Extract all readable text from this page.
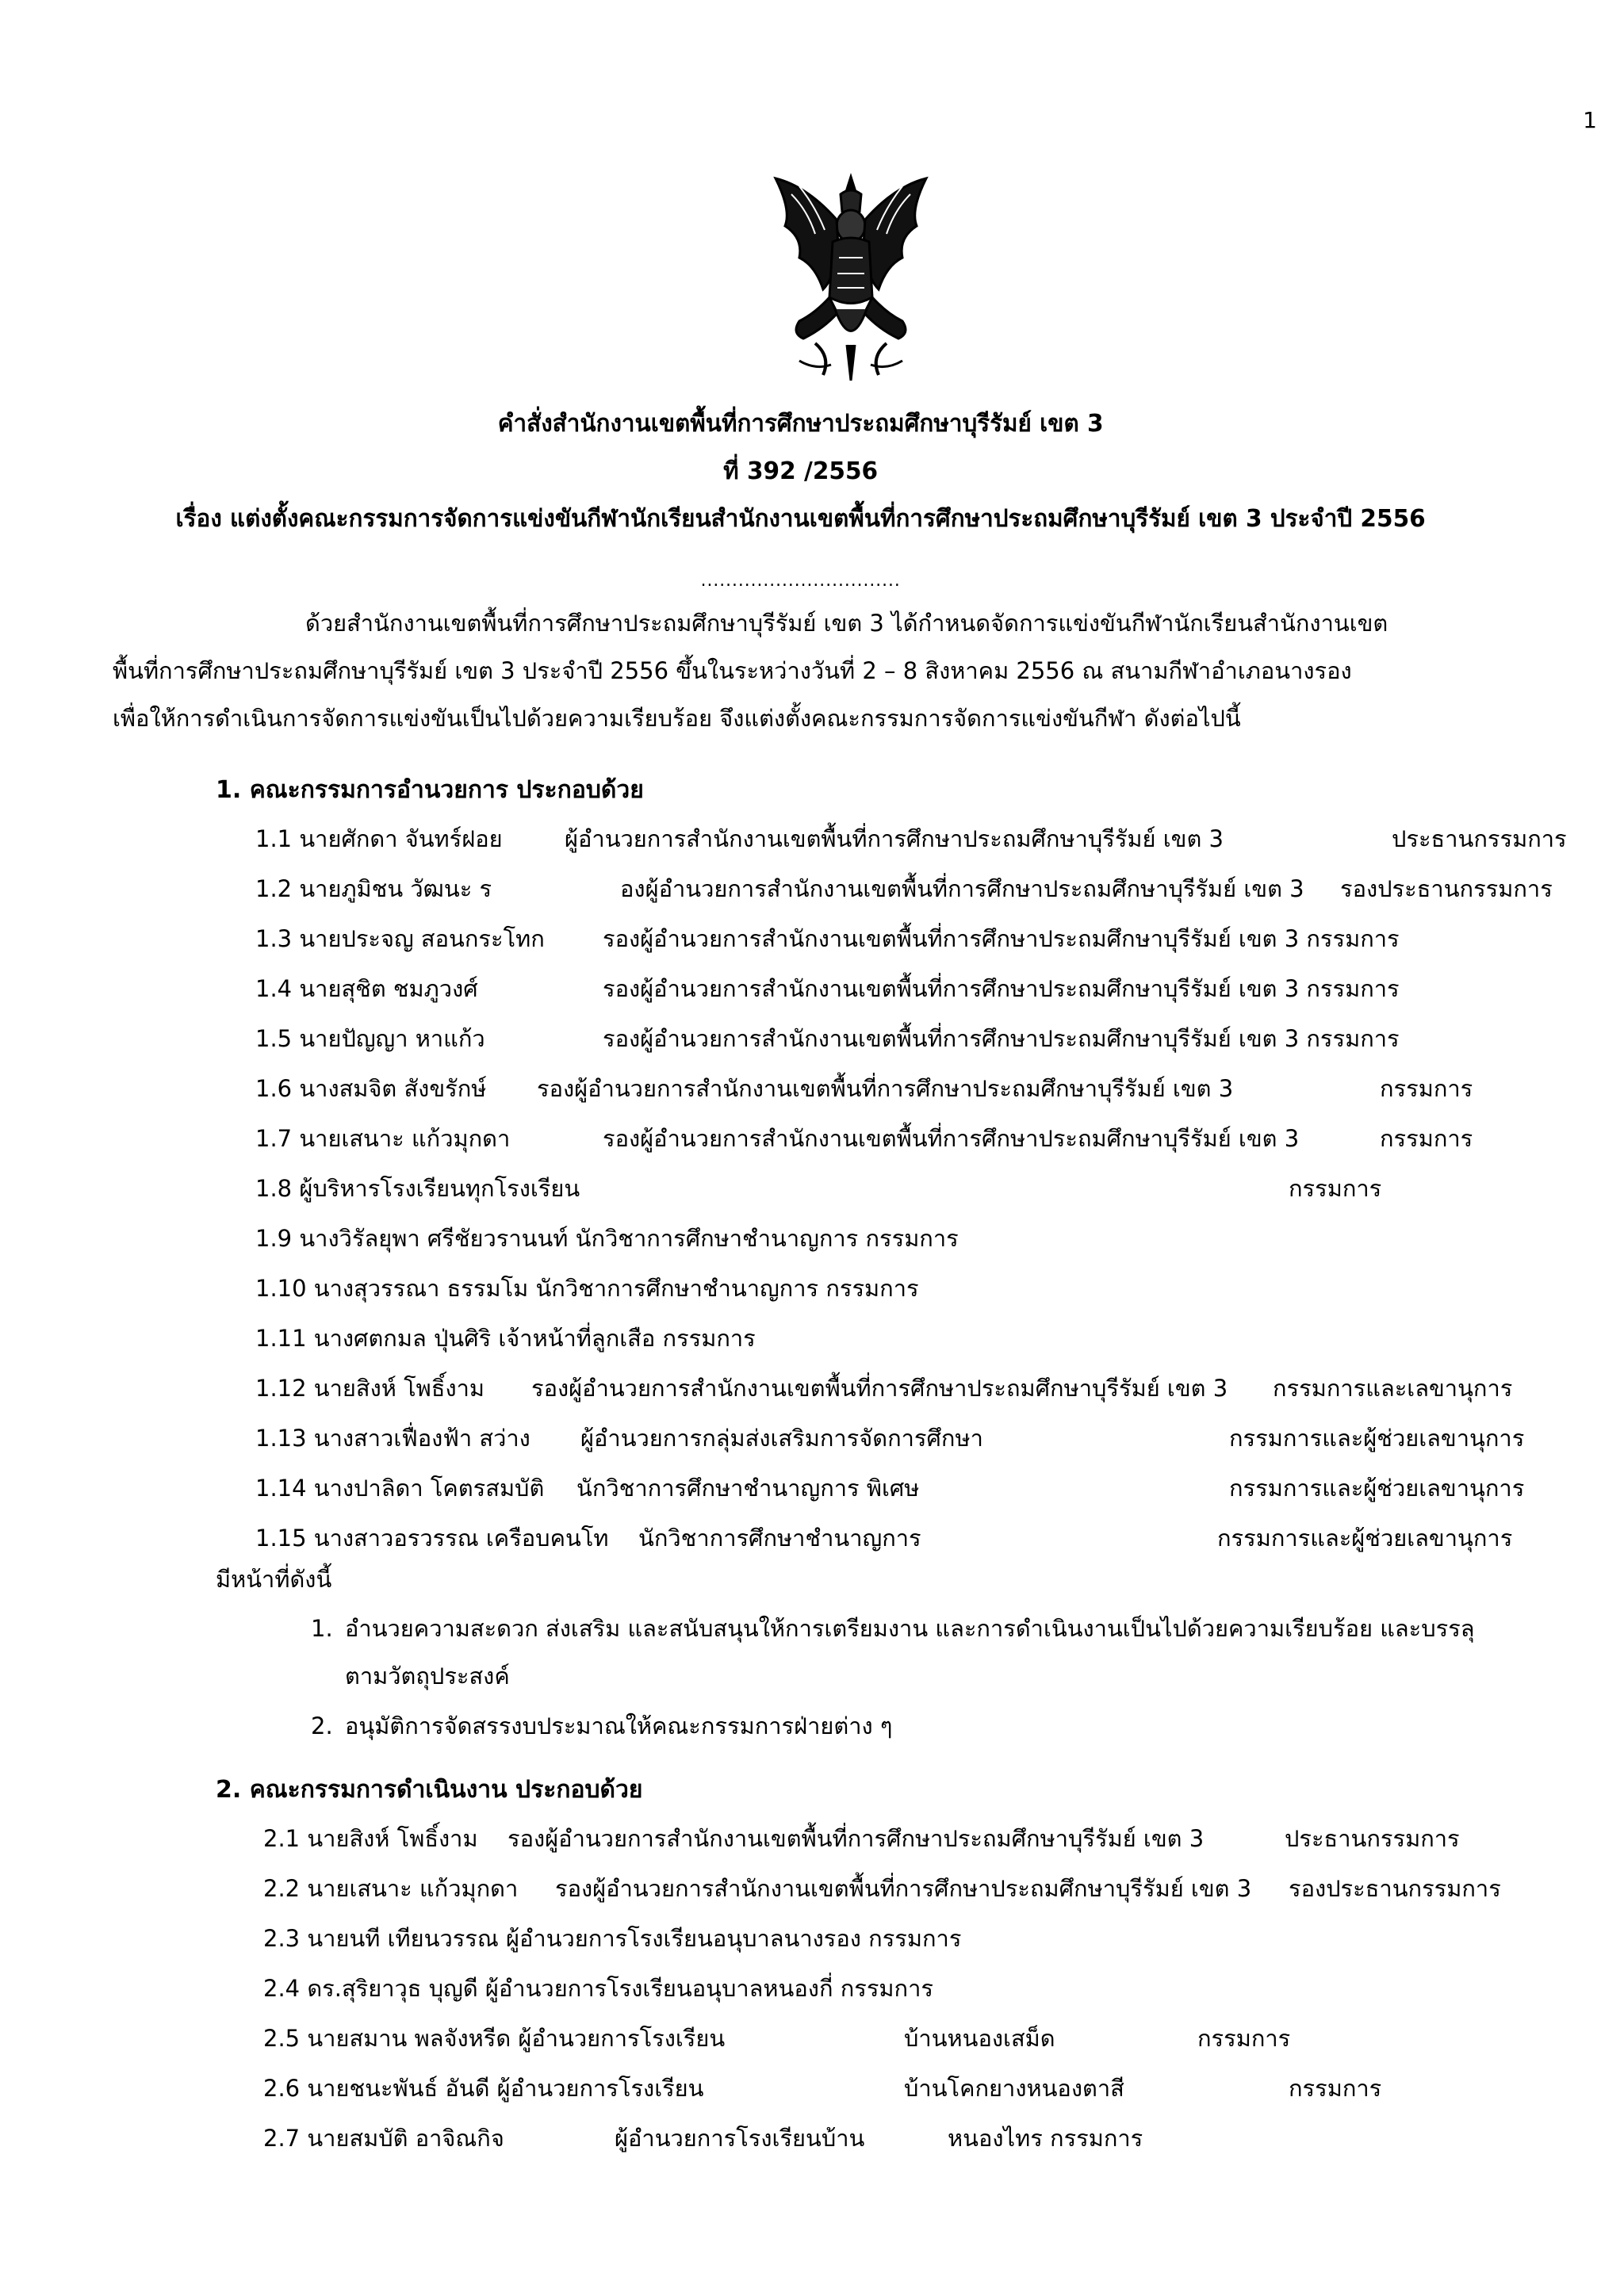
1
คำสั่งสำนักงานเขตพื้นที่การศึกษาประถมศึกษาบุรีรัมย์ เขต 3
ที่ 392 /2556
เรื่อง แต่งตั้งคณะกรรมการจัดการแข่งขันกีฬานักเรียนสำนักงานเขตพื้นที่การศึกษาประถมศึกษาบุรีรัมย์ เขต 3 ประจำปี 2556
................................
ด้วยสำนักงานเขตพื้นที่การศึกษาประถมศึกษาบุรีรัมย์ เขต 3 ได้กำหนดจัดการแข่งขันกีฬานักเรียนสำนักงานเขต
พื้นที่การศึกษาประถมศึกษาบุรีรัมย์ เขต 3 ประจำปี 2556 ขึ้นในระหว่างวันที่ 2 – 8 สิงหาคม 2556 ณ สนามกีฬาอำเภอนางรอง
เพื่อให้การดำเนินการจัดการแข่งขันเป็นไปด้วยความเรียบร้อย จึงแต่งตั้งคณะกรรมการจัดการแข่งขันกีฬา ดังต่อไปนี้
1. คณะกรรมการอำนวยการ ประกอบด้วย
1.1 นายศักดา จันทร์ฝอย	ผู้อำนวยการสำนักงานเขตพื้นที่การศึกษาประถมศึกษาบุรีรัมย์ เขต 3	ประธานกรรมการ
1.2 นายภูมิชน วัฒนะ ร	องผู้อำนวยการสำนักงานเขตพื้นที่การศึกษาประถมศึกษาบุรีรัมย์ เขต 3 รองประธานกรรมการ
1.3 นายประจญ สอนกระโทก	รองผู้อำนวยการสำนักงานเขตพื้นที่การศึกษาประถมศึกษาบุรีรัมย์ เขต 3 กรรมการ
1.4 นายสุชิต ชมภูวงศ์	รองผู้อำนวยการสำนักงานเขตพื้นที่การศึกษาประถมศึกษาบุรีรัมย์ เขต 3 กรรมการ
1.5 นายปัญญา หาแก้ว	รองผู้อำนวยการสำนักงานเขตพื้นที่การศึกษาประถมศึกษาบุรีรัมย์ เขต 3 กรรมการ
1.6 นางสมจิต สังขรักษ์ รองผู้อำนวยการสำนักงานเขตพื้นที่การศึกษาประถมศึกษาบุรีรัมย์ เขต 3	กรรมการ
1.7 นายเสนาะ แก้วมุกดา	รองผู้อำนวยการสำนักงานเขตพื้นที่การศึกษาประถมศึกษาบุรีรัมย์ เขต 3	กรรมการ
1.8 ผู้บริหารโรงเรียนทุกโรงเรียน	กรรมการ
1.9 นางวิรัลยุพา ศรีชัยวรานนท์ นักวิชาการศึกษาชำนาญการ กรรมการ
1.10 นางสุวรรณา ธรรมโม นักวิชาการศึกษาชำนาญการ กรรมการ
1.11 นางศตกมล ปุ่นศิริ เจ้าหน้าที่ลูกเสือ กรรมการ
1.12 นายสิงห์ โพธิ์งาม รองผู้อำนวยการสำนักงานเขตพื้นที่การศึกษาประถมศึกษาบุรีรัมย์ เขต 3 กรรมการและเลขานุการ
1.13 นางสาวเฟื่องฟ้า สว่าง ผู้อำนวยการกลุ่มส่งเสริมการจัดการศึกษา	กรรมการและผู้ช่วยเลขานุการ
1.14 นางปาลิดา โคตรสมบัติ นักวิชาการศึกษาชำนาญการ พิเศษ	กรรมการและผู้ช่วยเลขานุการ
1.15 นางสาวอรวรรณ เครือบคนโท นักวิชาการศึกษาชำนาญการ	กรรมการและผู้ช่วยเลขานุการ
มีหน้าที่ดังนี้
1. อำนวยความสะดวก ส่งเสริม และสนับสนุนให้การเตรียมงาน และการดำเนินงานเป็นไปด้วยความเรียบร้อย และบรรลุ
ตามวัตถุประสงค์
2. อนุมัติการจัดสรรงบประมาณให้คณะกรรมการฝ่ายต่าง ๆ
2. คณะกรรมการดำเนินงาน ประกอบด้วย
2.1 นายสิงห์ โพธิ์งาม รองผู้อำนวยการสำนักงานเขตพื้นที่การศึกษาประถมศึกษาบุรีรัมย์ เขต 3	ประธานกรรมการ
2.2 นายเสนาะ แก้วมุกดา รองผู้อำนวยการสำนักงานเขตพื้นที่การศึกษาประถมศึกษาบุรีรัมย์ เขต 3 รองประธานกรรมการ
2.3 นายนที เทียนวรรณ ผู้อำนวยการโรงเรียนอนุบาลนางรอง กรรมการ
2.4 ดร.สุริยาวุธ บุญดี ผู้อำนวยการโรงเรียนอนุบาลหนองกี่ กรรมการ
2.5 นายสมาน พลจังหรีด ผู้อำนวยการโรงเรียน	บ้านหนองเสม็ด	กรรมการ
2.6 นายชนะพันธ์ อันดี ผู้อำนวยการโรงเรียน	บ้านโคกยางหนองตาสี	กรรมการ
2.7 นายสมบัติ อาจิณกิจ	ผู้อำนวยการโรงเรียนบ้าน	หนองไทร กรรมการ
